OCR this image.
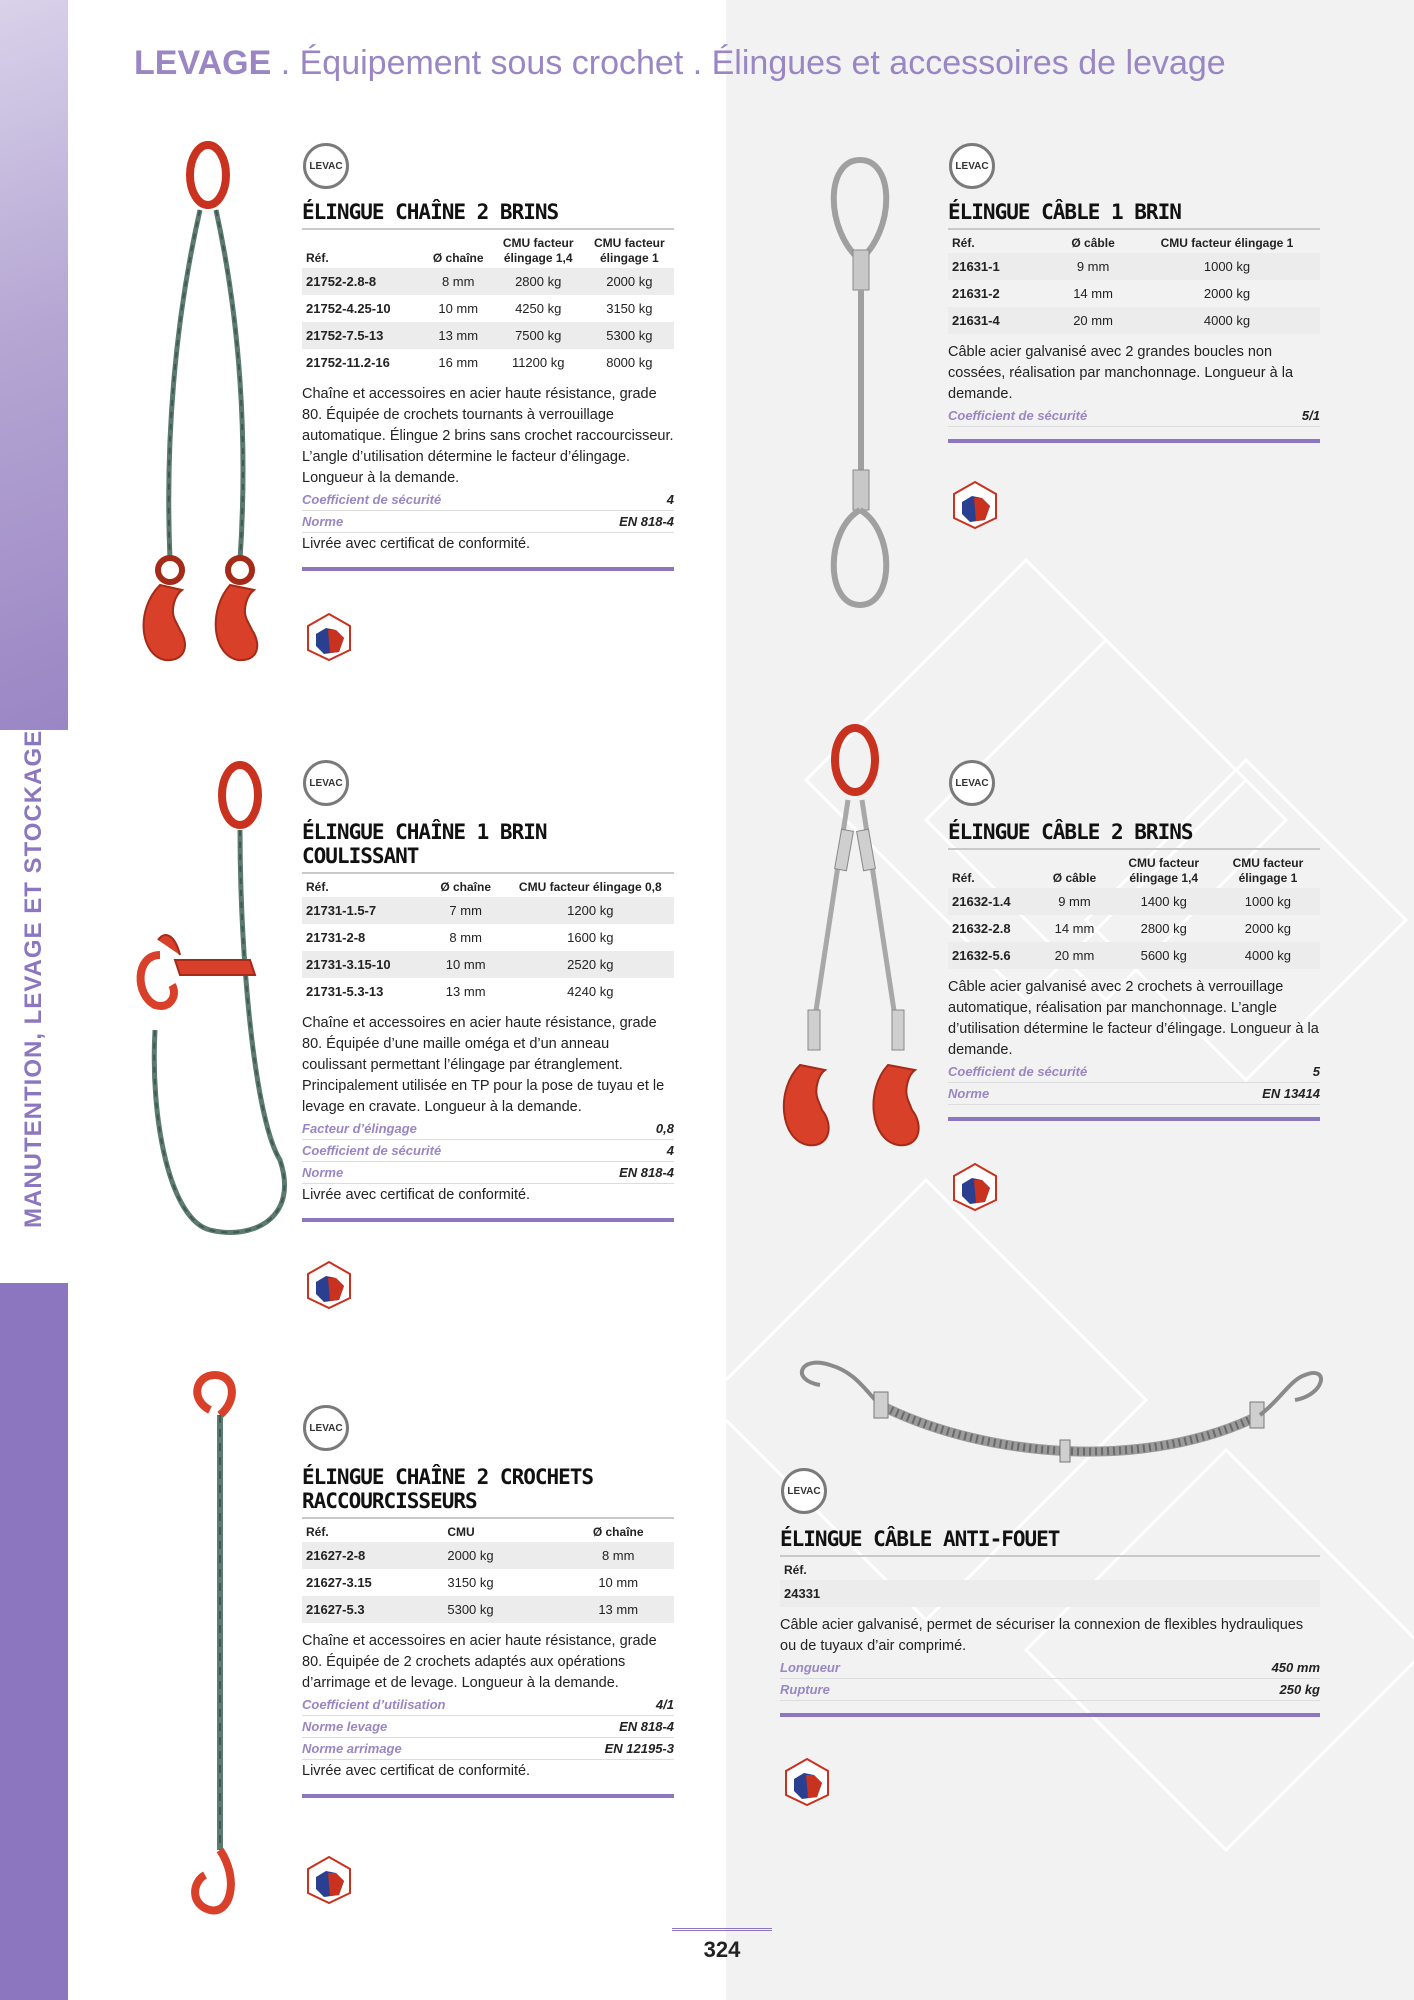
MANUTENTION, LEVAGE ET STOCKAGE
LEVAGE . Équipement sous crochet . Élingues et accessoires de levage
LEVAC
LEVAC
LEVAC
LEVAC
LEVAC
LEVAC
ÉLINGUE CHAÎNE 2 BRINS
Réf.	Ø chaîne	CMU facteur élingage 1,4	CMU facteur élingage 1
21752-2.8-8	8 mm	2800 kg	2000 kg
21752-4.25-10	10 mm	4250 kg	3150 kg
21752-7.5-13	13 mm	7500 kg	5300 kg
21752-11.2-16	16 mm	11200 kg	8000 kg
Chaîne et accessoires en acier haute résistance, grade 80. Équipée de crochets tournants à verrouillage automatique. Élingue 2 brins sans crochet raccourcisseur. L’angle d’utilisation détermine le facteur d’élingage. Longueur à la demande.
Coefficient de sécurité	4
Norme	EN 818-4
Livrée avec certificat de conformité.
ÉLINGUE CHAÎNE 1 BRIN COULISSANT
Réf.	Ø chaîne	CMU facteur élingage 0,8
21731-1.5-7	7 mm	1200 kg
21731-2-8	8 mm	1600 kg
21731-3.15-10	10 mm	2520 kg
21731-5.3-13	13 mm	4240 kg
Chaîne et accessoires en acier haute résistance, grade 80. Équipée d’une maille oméga et d’un anneau coulissant permettant l’élingage par étranglement. Principalement utilisée en TP pour la pose de tuyau et le levage en cravate. Longueur à la demande.
Facteur d’élingage	0,8
Coefficient de sécurité	4
Norme	EN 818-4
Livrée avec certificat de conformité.
ÉLINGUE CHAÎNE 2 CROCHETS RACCOURCISSEURS
Réf.	CMU	Ø chaîne
21627-2-8	2000 kg	8 mm
21627-3.15	3150 kg	10 mm
21627-5.3	5300 kg	13 mm
Chaîne et accessoires en acier haute résistance, grade 80. Équipée de 2 crochets adaptés aux opérations d’arrimage et de levage. Longueur à la demande.
Coefficient d’utilisation	4/1
Norme levage	EN 818-4
Norme arrimage	EN 12195-3
Livrée avec certificat de conformité.
ÉLINGUE CÂBLE 1 BRIN
Réf.	Ø câble	CMU facteur élingage 1
21631-1	9 mm	1000 kg
21631-2	14 mm	2000 kg
21631-4	20 mm	4000 kg
Câble acier galvanisé avec 2 grandes boucles non cossées, réalisation par manchonnage. Longueur à la demande.
Coefficient de sécurité	5/1
ÉLINGUE CÂBLE 2 BRINS
Réf.	Ø câble	CMU facteur élingage 1,4	CMU facteur élingage 1
21632-1.4	9 mm	1400 kg	1000 kg
21632-2.8	14 mm	2800 kg	2000 kg
21632-5.6	20 mm	5600 kg	4000 kg
Câble acier galvanisé avec 2 crochets à verrouillage automatique, réalisation par manchonnage. L’angle d’utilisation détermine le facteur d’élingage. Longueur à la demande.
Coefficient de sécurité	5
Norme	EN 13414
ÉLINGUE CÂBLE ANTI-FOUET
Réf.
24331
Câble acier galvanisé, permet de sécuriser la connexion de flexibles hydrauliques ou de tuyaux d’air comprimé.
Longueur	450 mm
Rupture	250 kg
324
